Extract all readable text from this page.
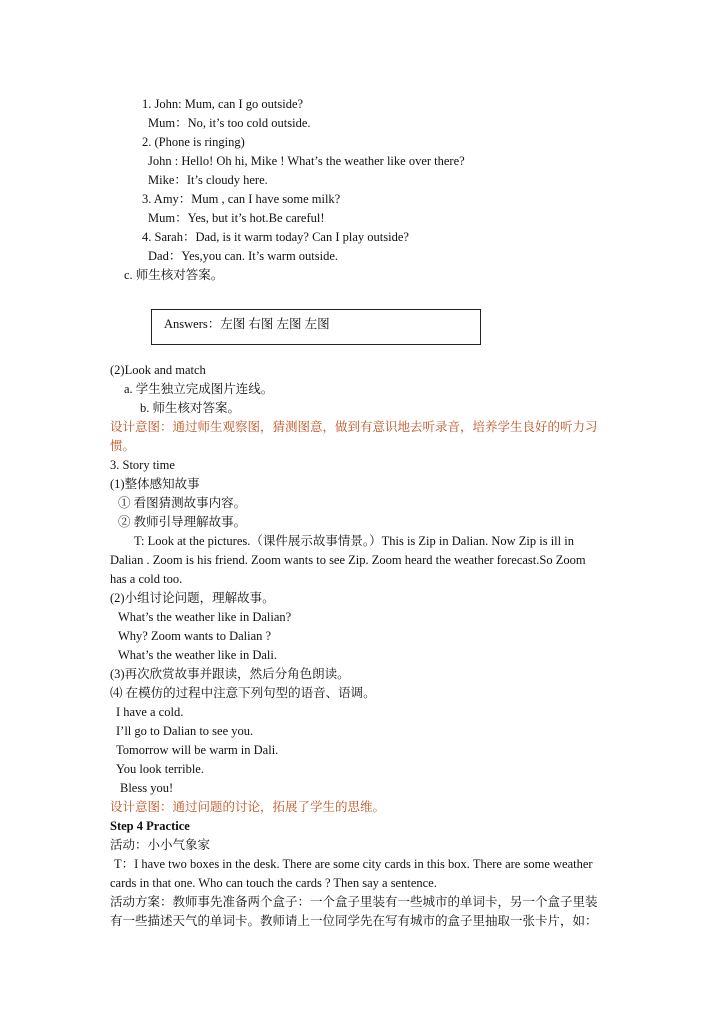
1. John: Mum, can I go outside?
Mum：No, it’s too cold outside.
2. (Phone is ringing)
John : Hello! Oh hi, Mike ! What’s the weather like over there?
Mike：It’s cloudy here.
3. Amy：Mum , can I have some milk?
Mum：Yes, but it’s hot.Be careful!
4. Sarah：Dad, is it warm today? Can I play outside?
Dad：Yes,you can. It’s warm outside.
c. 师生核对答案。
Answers：左图 右图 左图 左图
(2)Look and match
a. 学生独立完成图片连线。
b. 师生核对答案。
设计意图：通过师生观察图，猜测图意，做到有意识地去听录音，培养学生良好的听力习
惯。
3. Story time
(1)整体感知故事
① 看图猜测故事内容。
② 教师引导理解故事。
T: Look at the pictures.（课件展示故事情景。）This is Zip in Dalian. Now Zip is ill in
Dalian . Zoom is his friend. Zoom wants to see Zip. Zoom heard the weather forecast.So Zoom
has a cold too.
(2)小组讨论问题，理解故事。
What’s the weather like in Dalian?
Why? Zoom wants to Dalian ?
What’s the weather like in Dali.
(3)再次欣赏故事并跟读，然后分角色朗读。
⑷ 在模仿的过程中注意下列句型的语音、语调。
I have a cold.
I’ll go to Dalian to see you.
Tomorrow will be warm in Dali.
You look terrible.
Bless you!
设计意图：通过问题的讨论，拓展了学生的思维。
Step 4 Practice
活动：小小气象家
T：I have two boxes in the desk. There are some city cards in this box. There are some weather
cards in that one. Who can touch the cards ? Then say a sentence.
活动方案：教师事先准备两个盒子：一个盒子里装有一些城市的单词卡，另一个盒子里装
有一些描述天气的单词卡。教师请上一位同学先在写有城市的盒子里抽取一张卡片，如：
